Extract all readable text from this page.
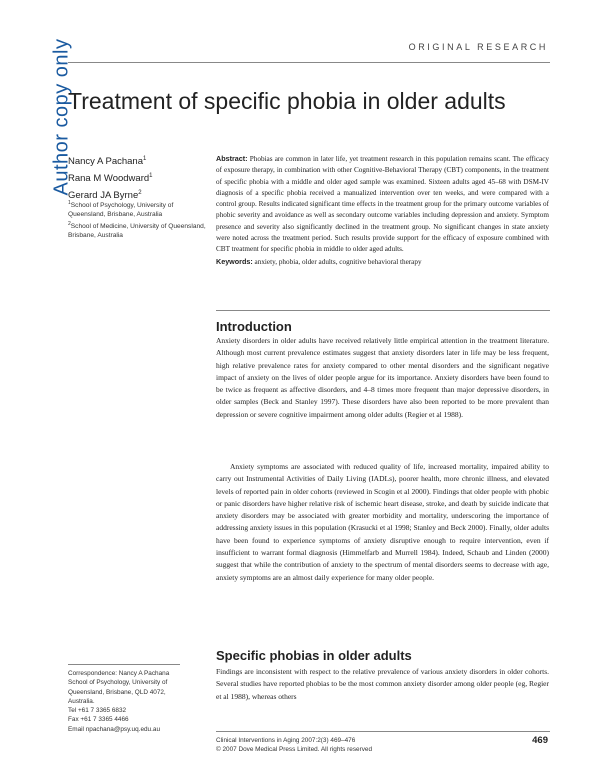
Author copy only	ORIGINAL RESEARCH
Treatment of specific phobia in older adults
Nancy A Pachana$^1$
Rana M Woodward$^1$
Gerard JA Byrne$^2$
$^1$School of Psychology, University of Queensland, Brisbane, Australia
$^2$School of Medicine, University of Queensland, Brisbane, Australia
Abstract: Phobias are common in later life, yet treatment research in this population remains scant. The efficacy of exposure therapy, in combination with other Cognitive-Behavioral Therapy (CBT) components, in the treatment of specific phobia with a middle and older aged sample was examined. Sixteen adults aged 45–68 with DSM-IV diagnosis of a specific phobia received a manualized intervention over ten weeks, and were compared with a control group. Results indicated significant time effects in the treatment group for the primary outcome variables of phobic severity and avoidance as well as secondary outcome variables including depression and anxiety. Symptom presence and severity also significantly declined in the treatment group. No significant changes in state anxiety were noted across the treatment period. Such results provide support for the efficacy of exposure combined with CBT treatment for specific phobia in middle to older aged adults.
Keywords: anxiety, phobia, older adults, cognitive behavioral therapy
Introduction

Anxiety disorders in older adults have received relatively little empirical attention in the treatment literature. Although most current prevalence estimates suggest that anxiety disorders later in life may be less frequent, high relative prevalence rates for anxiety compared to other mental disorders and the significant negative impact of anxiety on the lives of older people argue for its importance. Anxiety disorders have been found to be twice as frequent as affective disorders, and 4–8 times more frequent than major depressive disorders, in older samples (Beck and Stanley 1997). These disorders have also been reported to be more prevalent than depression or severe cognitive impairment among older adults (Regier et al 1988).

Anxiety symptoms are associated with reduced quality of life, increased mortality, impaired ability to carry out Instrumental Activities of Daily Living (IADLs), poorer health, more chronic illness, and elevated levels of reported pain in older cohorts (reviewed in Scogin et al 2000). Findings that older people with phobic or panic disorders have higher relative risk of ischemic heart disease, stroke, and death by suicide indicate that anxiety disorders may be associated with greater morbidity and mortality, underscoring the importance of addressing anxiety issues in this population (Krasucki et al 1998; Stanley and Beck 2000). Finally, older adults have been found to experience symptoms of anxiety disruptive enough to require intervention, even if insufficient to warrant formal diagnosis (Himmelfarb and Murrell 1984). Indeed, Schaub and Linden (2000) suggest that while the contribution of anxiety to the spectrum of mental disorders seems to decrease with age, anxiety symptoms are an almost daily experience for many older people.

Correspondence: Nancy A Pachana
School of Psychology, University of
Queensland, Brisbane, QLD 4072,
Australia.
Tel +61 7 3365 6832
Fax +61 7 3365 4466
Email npachana@psy.uq.edu.au
Specific phobias in older adults

Findings are inconsistent with respect to the relative prevalence of various anxiety disorders in older cohorts. Several studies have reported phobias to be the most common anxiety disorder among older people (eg, Regier et al 1988), whereas others

Clinical Interventions in Aging 2007:2(3) 469–476
© 2007 Dove Medical Press Limited. All rights reserved
469
